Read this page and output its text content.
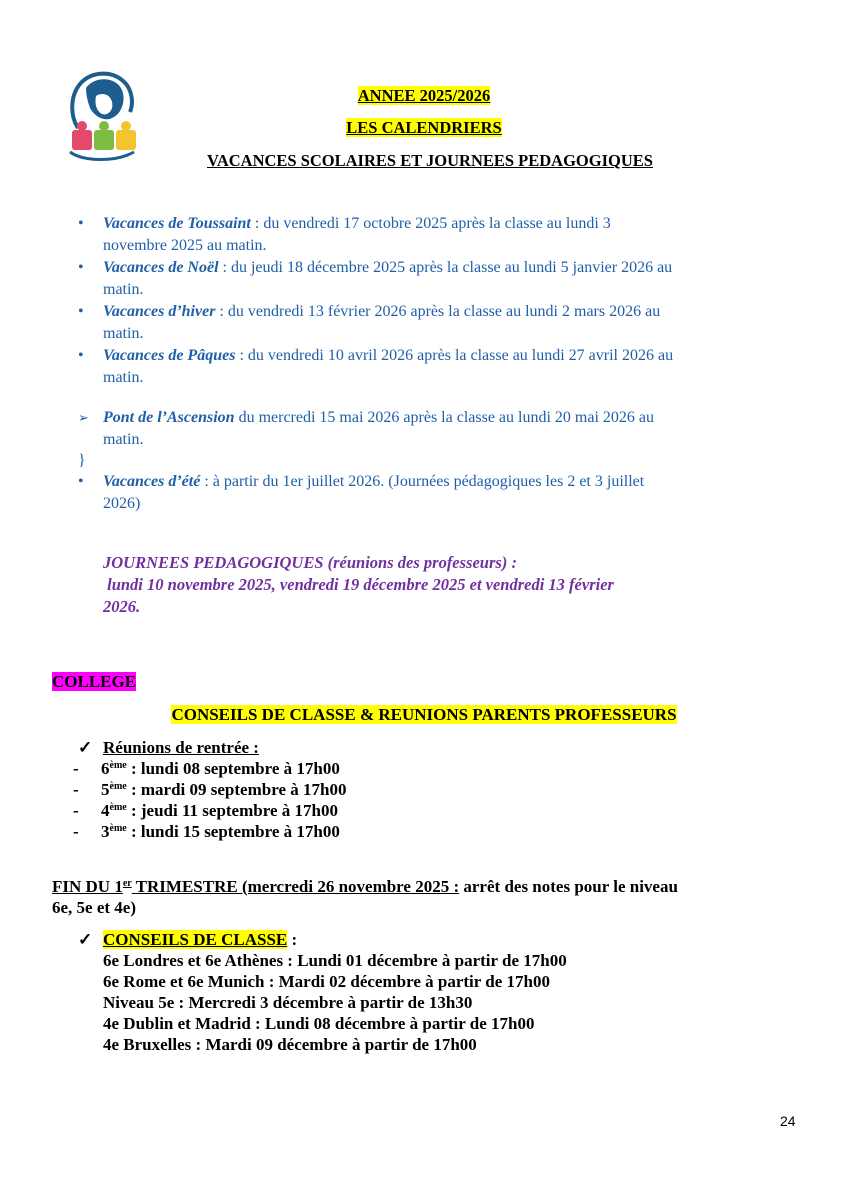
ANNEE 2025/2026
LES CALENDRIERS
VACANCES SCOLAIRES ET JOURNEES PEDAGOGIQUES
• Vacances de Toussaint : du vendredi 17 octobre 2025 après la classe au lundi 3
novembre 2025 au matin.
• Vacances de Noël : du jeudi 18 décembre 2025 après la classe au lundi 5 janvier 2026 au
matin.
• Vacances d’hiver : du vendredi 13 février 2026 après la classe au lundi 2 mars 2026 au
matin.
• Vacances de Pâques : du vendredi 10 avril 2026 après la classe au lundi 27 avril 2026 au
matin.
➢ Pont de l’Ascension du mercredi 15 mai 2026 après la classe au lundi 20 mai 2026 au
matin.
}
• Vacances d’été : à partir du 1er juillet 2026. (Journées pédagogiques les 2 et 3 juillet
2026)
JOURNEES PEDAGOGIQUES (réunions des professeurs) :
lundi 10 novembre 2025, vendredi 19 décembre 2025 et vendredi 13 février
2026.
COLLEGE
CONSEILS DE CLASSE & REUNIONS PARENTS PROFESSEURS
✓ Réunions de rentrée :
- 6ème : lundi 08 septembre à 17h00
- 5ème : mardi 09 septembre à 17h00
- 4ème : jeudi 11 septembre à 17h00
- 3ème : lundi 15 septembre à 17h00
FIN DU 1er TRIMESTRE (mercredi 26 novembre 2025 : arrêt des notes pour le niveau
6e, 5e et 4e)
✓ CONSEILS DE CLASSE :
6e Londres et 6e Athènes : Lundi 01 décembre à partir de 17h00
6e Rome et 6e Munich : Mardi 02 décembre à partir de 17h00
Niveau 5e : Mercredi 3 décembre à partir de 13h30
4e Dublin et Madrid : Lundi 08 décembre à partir de 17h00
4e Bruxelles : Mardi 09 décembre à partir de 17h00
24
